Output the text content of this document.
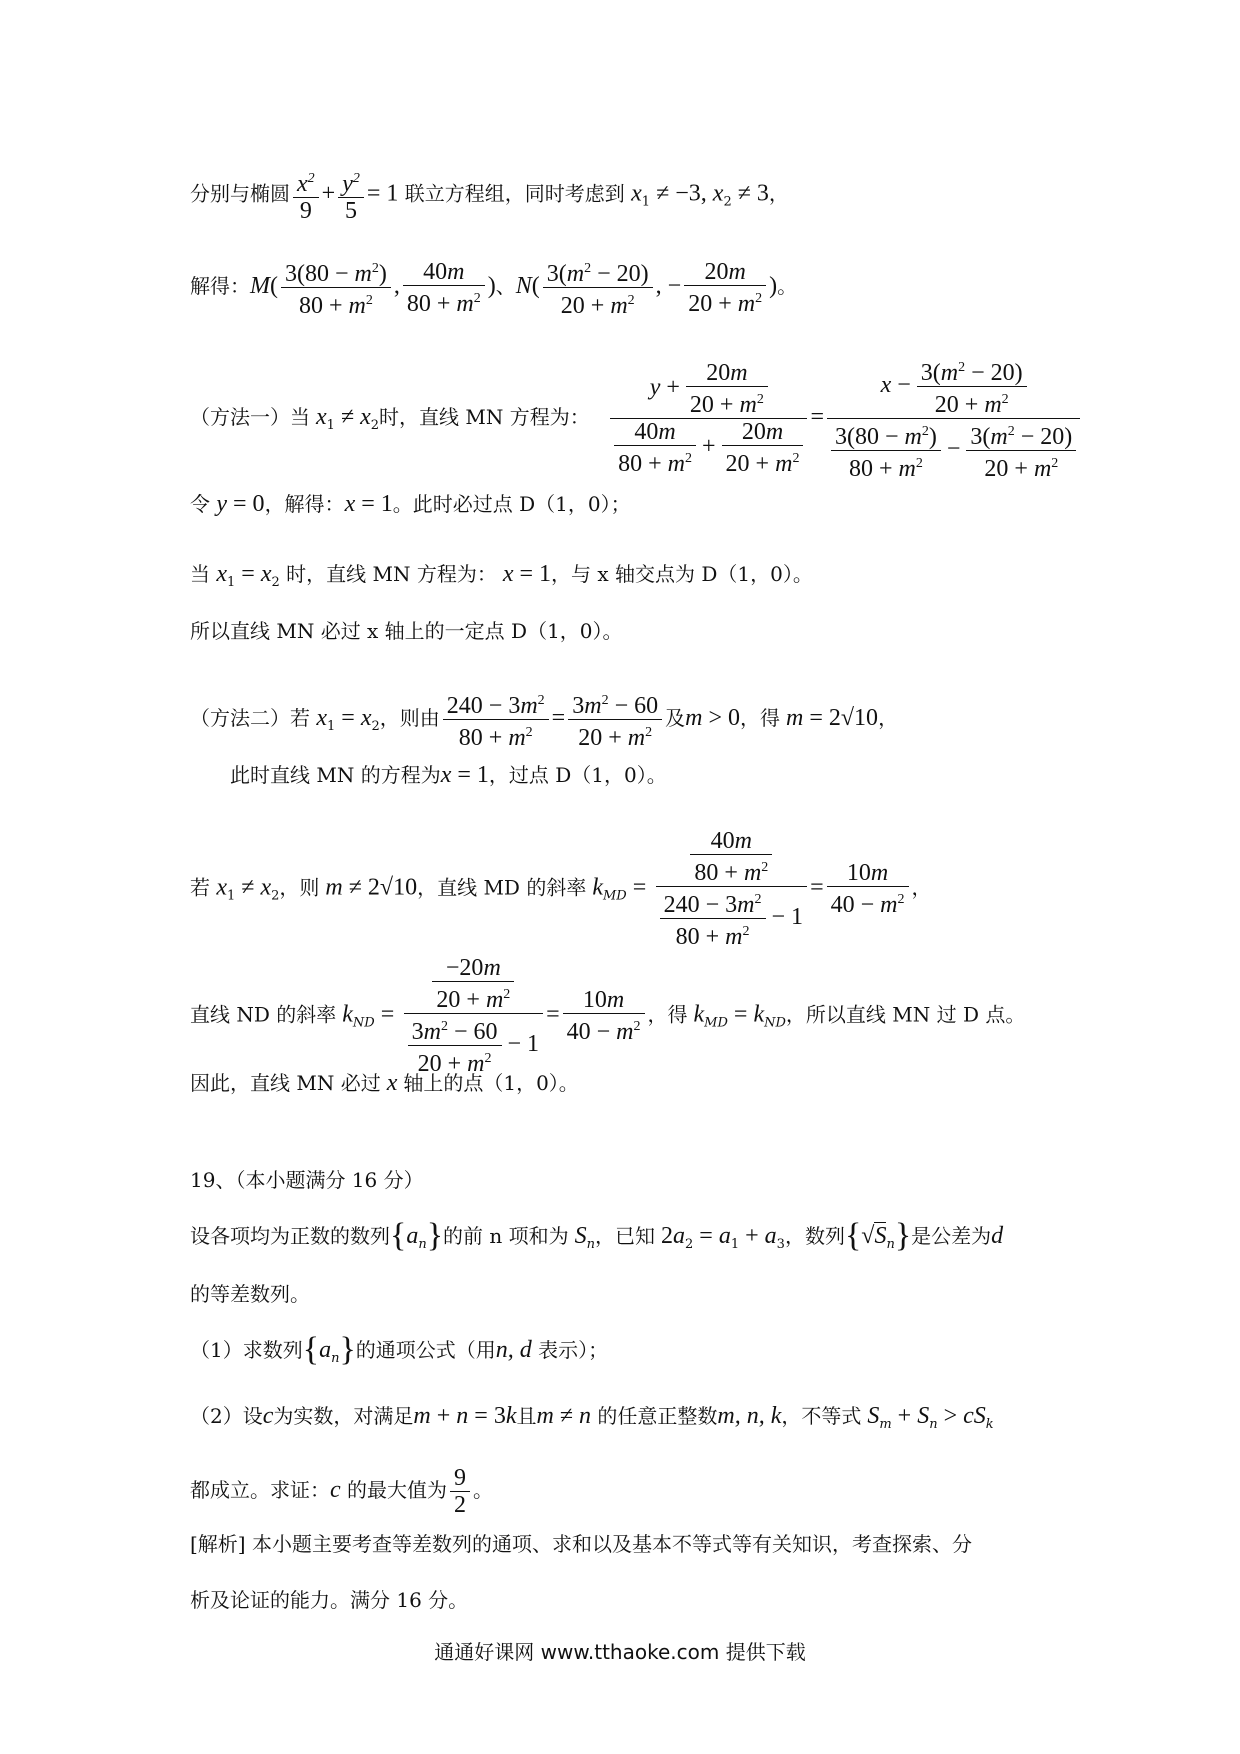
分别与椭圆 $\frac{x^2}{9} + \frac{y^2}{5} = 1$ 联立方程组，同时考虑到 $x_1 \ne -3$, $x_2 \ne 3$，
解得：$M( \frac{3(80 - m^2)}{80 + m^2}$ , $\frac{40m}{80 + m^2}$ )、$N( \frac{3(m^2 - 20)}{20 + m^2}$ , − $\frac{20m}{20 + m^2}$ )。
（方法一）当 $x_1 \ne x_2$时，直线 MN 方程为： $\frac{y + \frac{20m}{20 + m^2}}{\frac{40m}{80 + m^2} + \frac{20m}{20 + m^2}} = \frac{x - \frac{3(m^2 - 20)}{20 + m^2}}{\frac{3(80 - m^2)}{80 + m^2} - \frac{3(m^2 - 20)}{20 + m^2}}$
令 y = 0，解得：x = 1。此时必过点 D（1，0）；
当 $x_1 = x_2$ 时，直线 MN 方程为： x = 1，与 x 轴交点为 D（1，0）。
所以直线 MN 必过 x 轴上的一定点 D（1，0）。
（方法二）若 $x_1 = x_2$，则由 $\frac{240 - 3m^2}{80 + m^2} = \frac{3m^2 - 60}{20 + m^2}$ 及m > 0，得 m = 2√10，
此时直线 MN 的方程为x = 1，过点 D（1，0）。
若 $x_1 \ne x_2$，则 m ≠ 2√10，直线 MD 的斜率 $k_{MD} = \frac{\frac{40m}{80 + m^2}}{\frac{240 - 3m^2}{80 + m^2} - 1} = \frac{10m}{40 - m^2}$ ，
直线 ND 的斜率 $k_{ND} = \frac{\frac{-20m}{20 + m^2}}{\frac{3m^2 - 60}{20 + m^2} - 1} = \frac{10m}{40 - m^2}$ ，得 $k_{MD} = k_{ND}$，所以直线 MN 过 D 点。
因此，直线 MN 必过 x 轴上的点（1，0）。
19、（本小题满分 16 分）
设各项均为正数的数列$\{a_n\}$的前 n 项和为 $S_n$，已知 $2a_2 = a_1 + a_3$，数列$\{√S_n\}$是公差为d
的等差数列。
（1）求数列$\{a_n\}$的通项公式（用n, d 表示）；
（2）设c为实数，对满足m + n = 3k且m ≠ n 的任意正整数m, n, k，不等式 $S_m + S_n > cS_k$
都成立。求证：c 的最大值为 $\frac{9}{2}$ 。
[解析] 本小题主要考查等差数列的通项、求和以及基本不等式等有关知识，考查探索、分
析及论证的能力。满分 16 分。
通通好课网 www.tthaoke.com 提供下载
